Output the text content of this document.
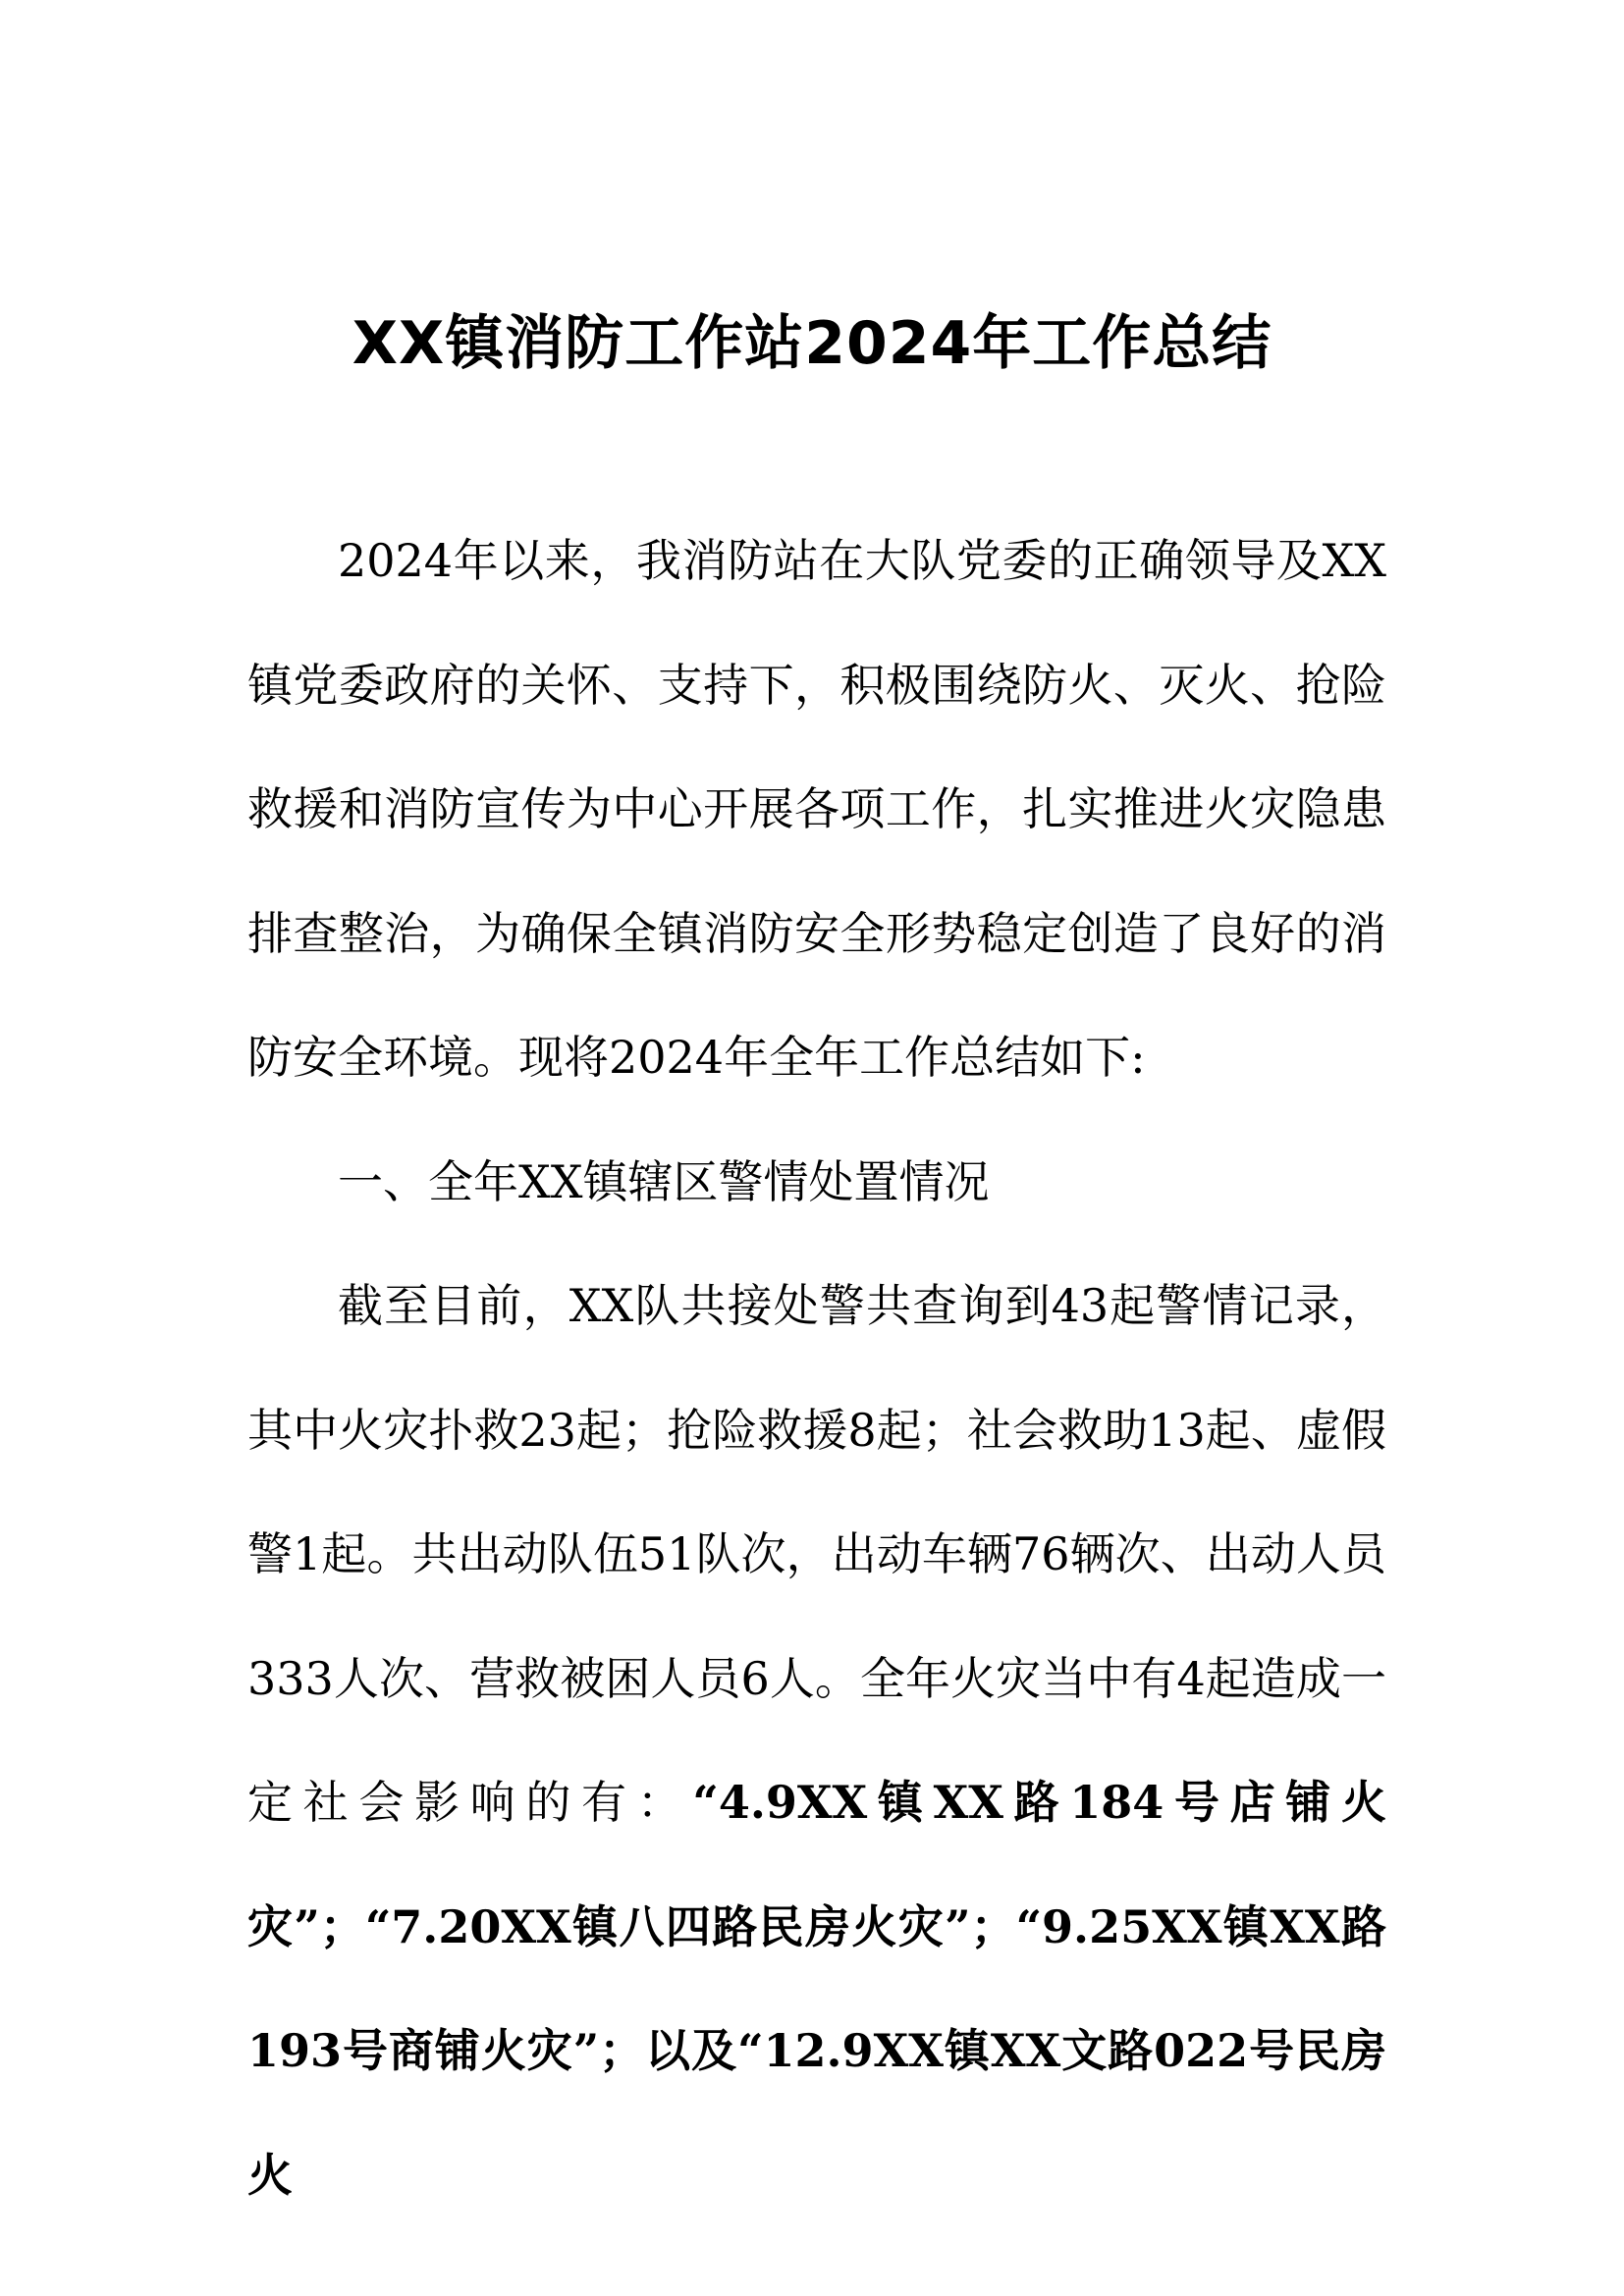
XX镇消防工作站2024年工作总结

2024年以来，我消防站在大队党委的正确领导及XX镇党委政府的关怀、支持下，积极围绕防火、灭火、抢险救援和消防宣传为中心开展各项工作，扎实推进火灾隐患排查整治，为确保全镇消防安全形势稳定创造了良好的消防安全环境。现将2024年全年工作总结如下:

一、全年XX镇辖区警情处置情况

截至目前，XX队共接处警共查询到43起警情记录，其中火灾扑救23起；抢险救援8起；社会救助13起、虚假警1起。共出动队伍51队次，出动车辆76辆次、出动人员333人次、营救被困人员6人。全年火灾当中有4起造成一定社会影响的有：“4.9XX镇XX路184号店铺火灾”；“7.20XX镇八四路民房火灾”；“9.25XX镇XX路193号商铺火灾”；以及“12.9XX镇XX文路022号民房火
